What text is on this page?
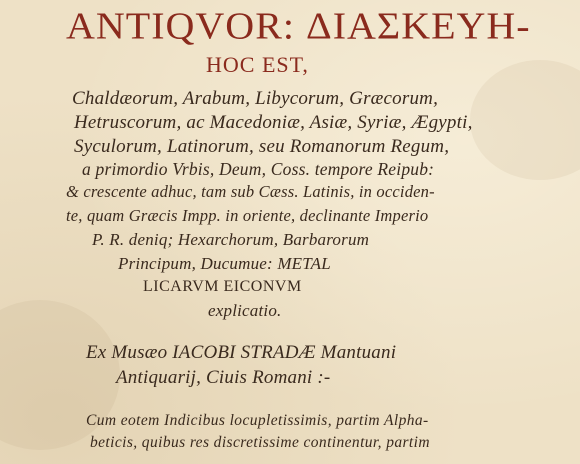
ANTIQVOR: ΔΙΑΣΚΕΥΗ-
HOC EST,
Chaldæorum, Arabum, Libycorum, Græcorum,
Hetruscorum, ac Macedoniæ, Asiæ, Syriæ, Ægypti,
Syculorum, Latinorum, seu Romanorum Regum,
a primordio Vrbis, Deum, Coss. tempore Reipub:
& crescente adhuc, tam sub Cæss. Latinis, in occiden-
te, quam Græcis Impp. in oriente, declinante Imperio
P. R. deniq; Hexarchorum, Barbarorum
Principum, Ducumue: METAL
LICARVM EICONVM
explicatio.
Ex Musæo IACOBI STRADÆ Mantuani
Antiquarij, Ciuis Romani :-
Cum eotem Indicibus locupletissimis, partim Alpha-
beticis, quibus res discretissime continentur, partim
